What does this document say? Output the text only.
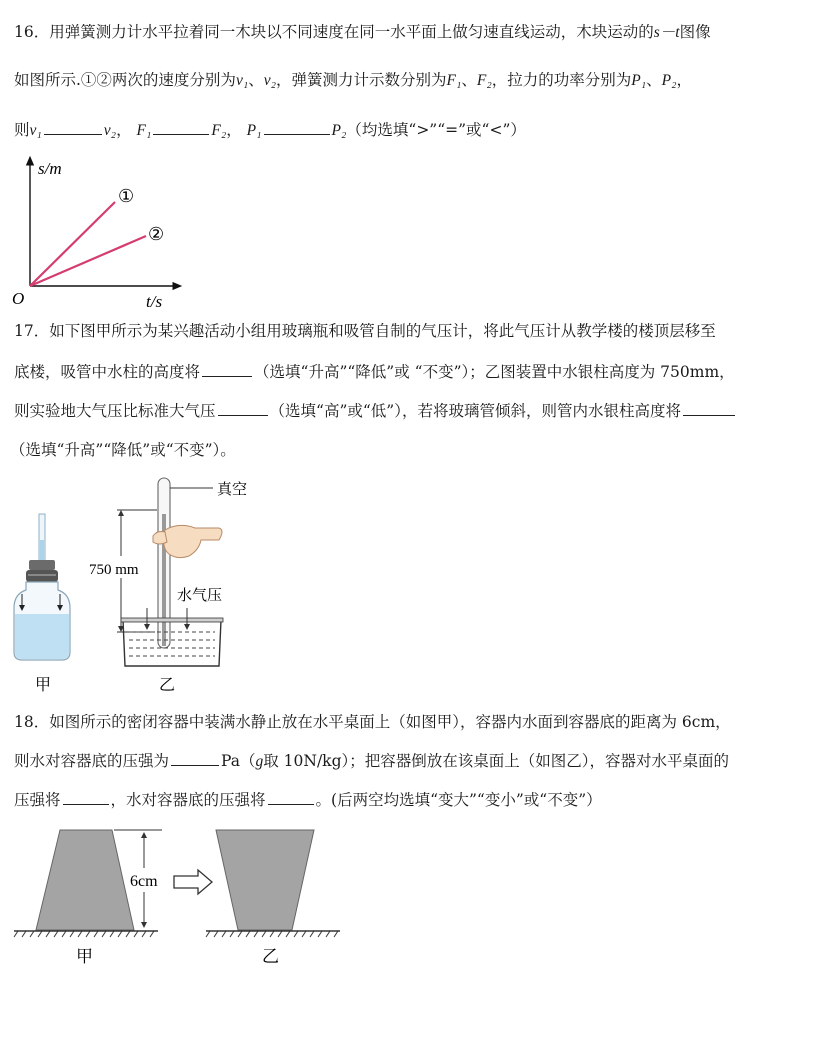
16．用弹簧测力计水平拉着同一木块以不同速度在同一水平面上做匀速直线运动，木块运动的s－t图像
如图所示.①②两次的速度分别为v₁、v₂，弹簧测力计示数分别为F₁、F₂，拉力的功率分别为P₁、P₂，
则v₁	v₂， F₁	F₂， P₁	P₂（均选填“>”“=”或“<”）
s/m
t/s
O
①
②
17．如下图甲所示为某兴趣活动小组用玻璃瓶和吸管自制的气压计，将此气压计从教学楼的楼顶层移至
底楼，吸管中水柱的高度将	（选填“升高”“降低”或 “不变”）；乙图装置中水银柱高度为 750mm，
则实验地大气压比标准大气压	（选填“高”或“低”），若将玻璃管倾斜，则管内水银柱高度将
（选填“升高”“降低”或“不变”）。
甲
真空
750 mm
水气压
乙
18．如图所示的密闭容器中装满水静止放在水平桌面上（如图甲），容器内水面到容器底的距离为 6cm，
则水对容器底的压强为	Pa（g取 10N/kg）；把容器倒放在该桌面上（如图乙），容器对水平桌面的
压强将	，水对容器底的压强将	。(后两空均选填“变大”“变小”或“不变”）
6cm
甲	乙
